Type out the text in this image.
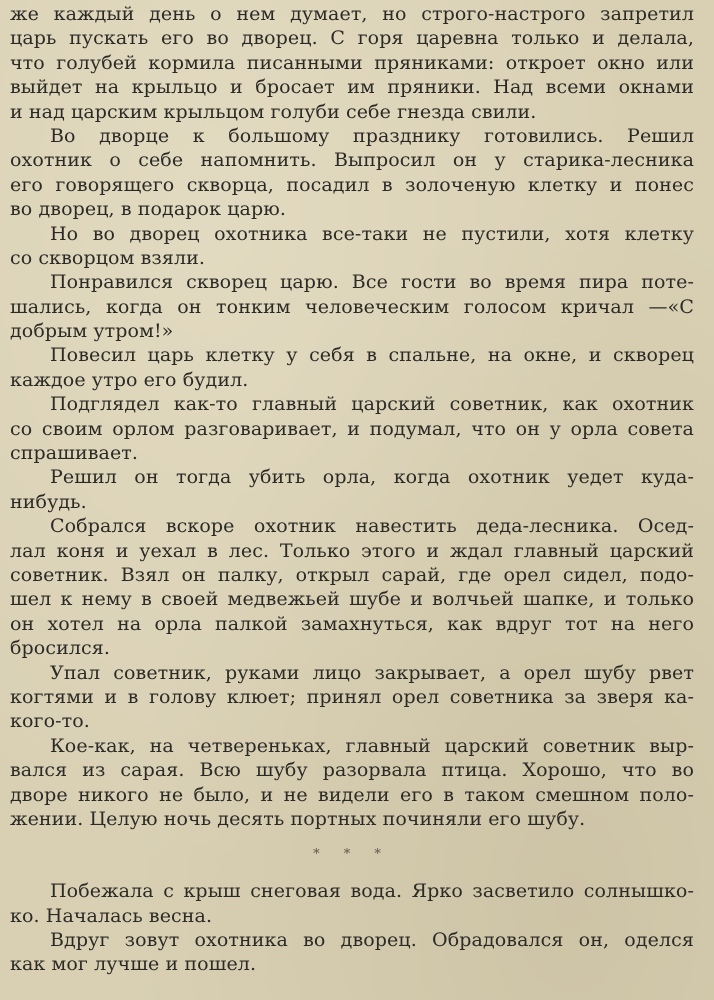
же каждый день о нем думает, но строго-настрого запретил
царь пускать его во дворец. С горя царевна только и делала,
что голубей кормила писанными пряниками: откроет окно или
выйдет на крыльцо и бросает им пряники. Над всеми окнами
и над царским крыльцом голуби себе гнезда свили.
Во дворце к большому празднику готовились. Решил
охотник о себе напомнить. Выпросил он у старика-лесника
его говорящего скворца, посадил в золоченую клетку и понес
во дворец, в подарок царю.
Но во дворец охотника все-таки не пустили, хотя клетку
со скворцом взяли.
Понравился скворец царю. Все гости во время пира поте-
шались, когда он тонким человеческим голосом кричал —«С
добрым утром!»
Повесил царь клетку у себя в спальне, на окне, и скворец
каждое утро его будил.
Подглядел как-то главный царский советник, как охотник
со своим орлом разговаривает, и подумал, что он у орла совета
спрашивает.
Решил он тогда убить орла, когда охотник уедет куда-
нибудь.
Собрался вскоре охотник навестить деда-лесника. Осед-
лал коня и уехал в лес. Только этого и ждал главный царский
советник. Взял он палку, открыл сарай, где орел сидел, подо-
шел к нему в своей медвежьей шубе и волчьей шапке, и только
он хотел на орла палкой замахнуться, как вдруг тот на него
бросился.
Упал советник, руками лицо закрывает, а орел шубу рвет
когтями и в голову клюет; принял орел советника за зверя ка-
кого-то.
Кое-как, на четвереньках, главный царский советник выр-
вался из сарая. Всю шубу разорвала птица. Хорошо, что во
дворе никого не было, и не видели его в таком смешном поло-
жении. Целую ночь десять портных починяли его шубу.
* * *
Побежала с крыш снеговая вода. Ярко засветило солнышко-
ко. Началась весна.
Вдруг зовут охотника во дворец. Обрадовался он, оделся
как мог лучше и пошел.
